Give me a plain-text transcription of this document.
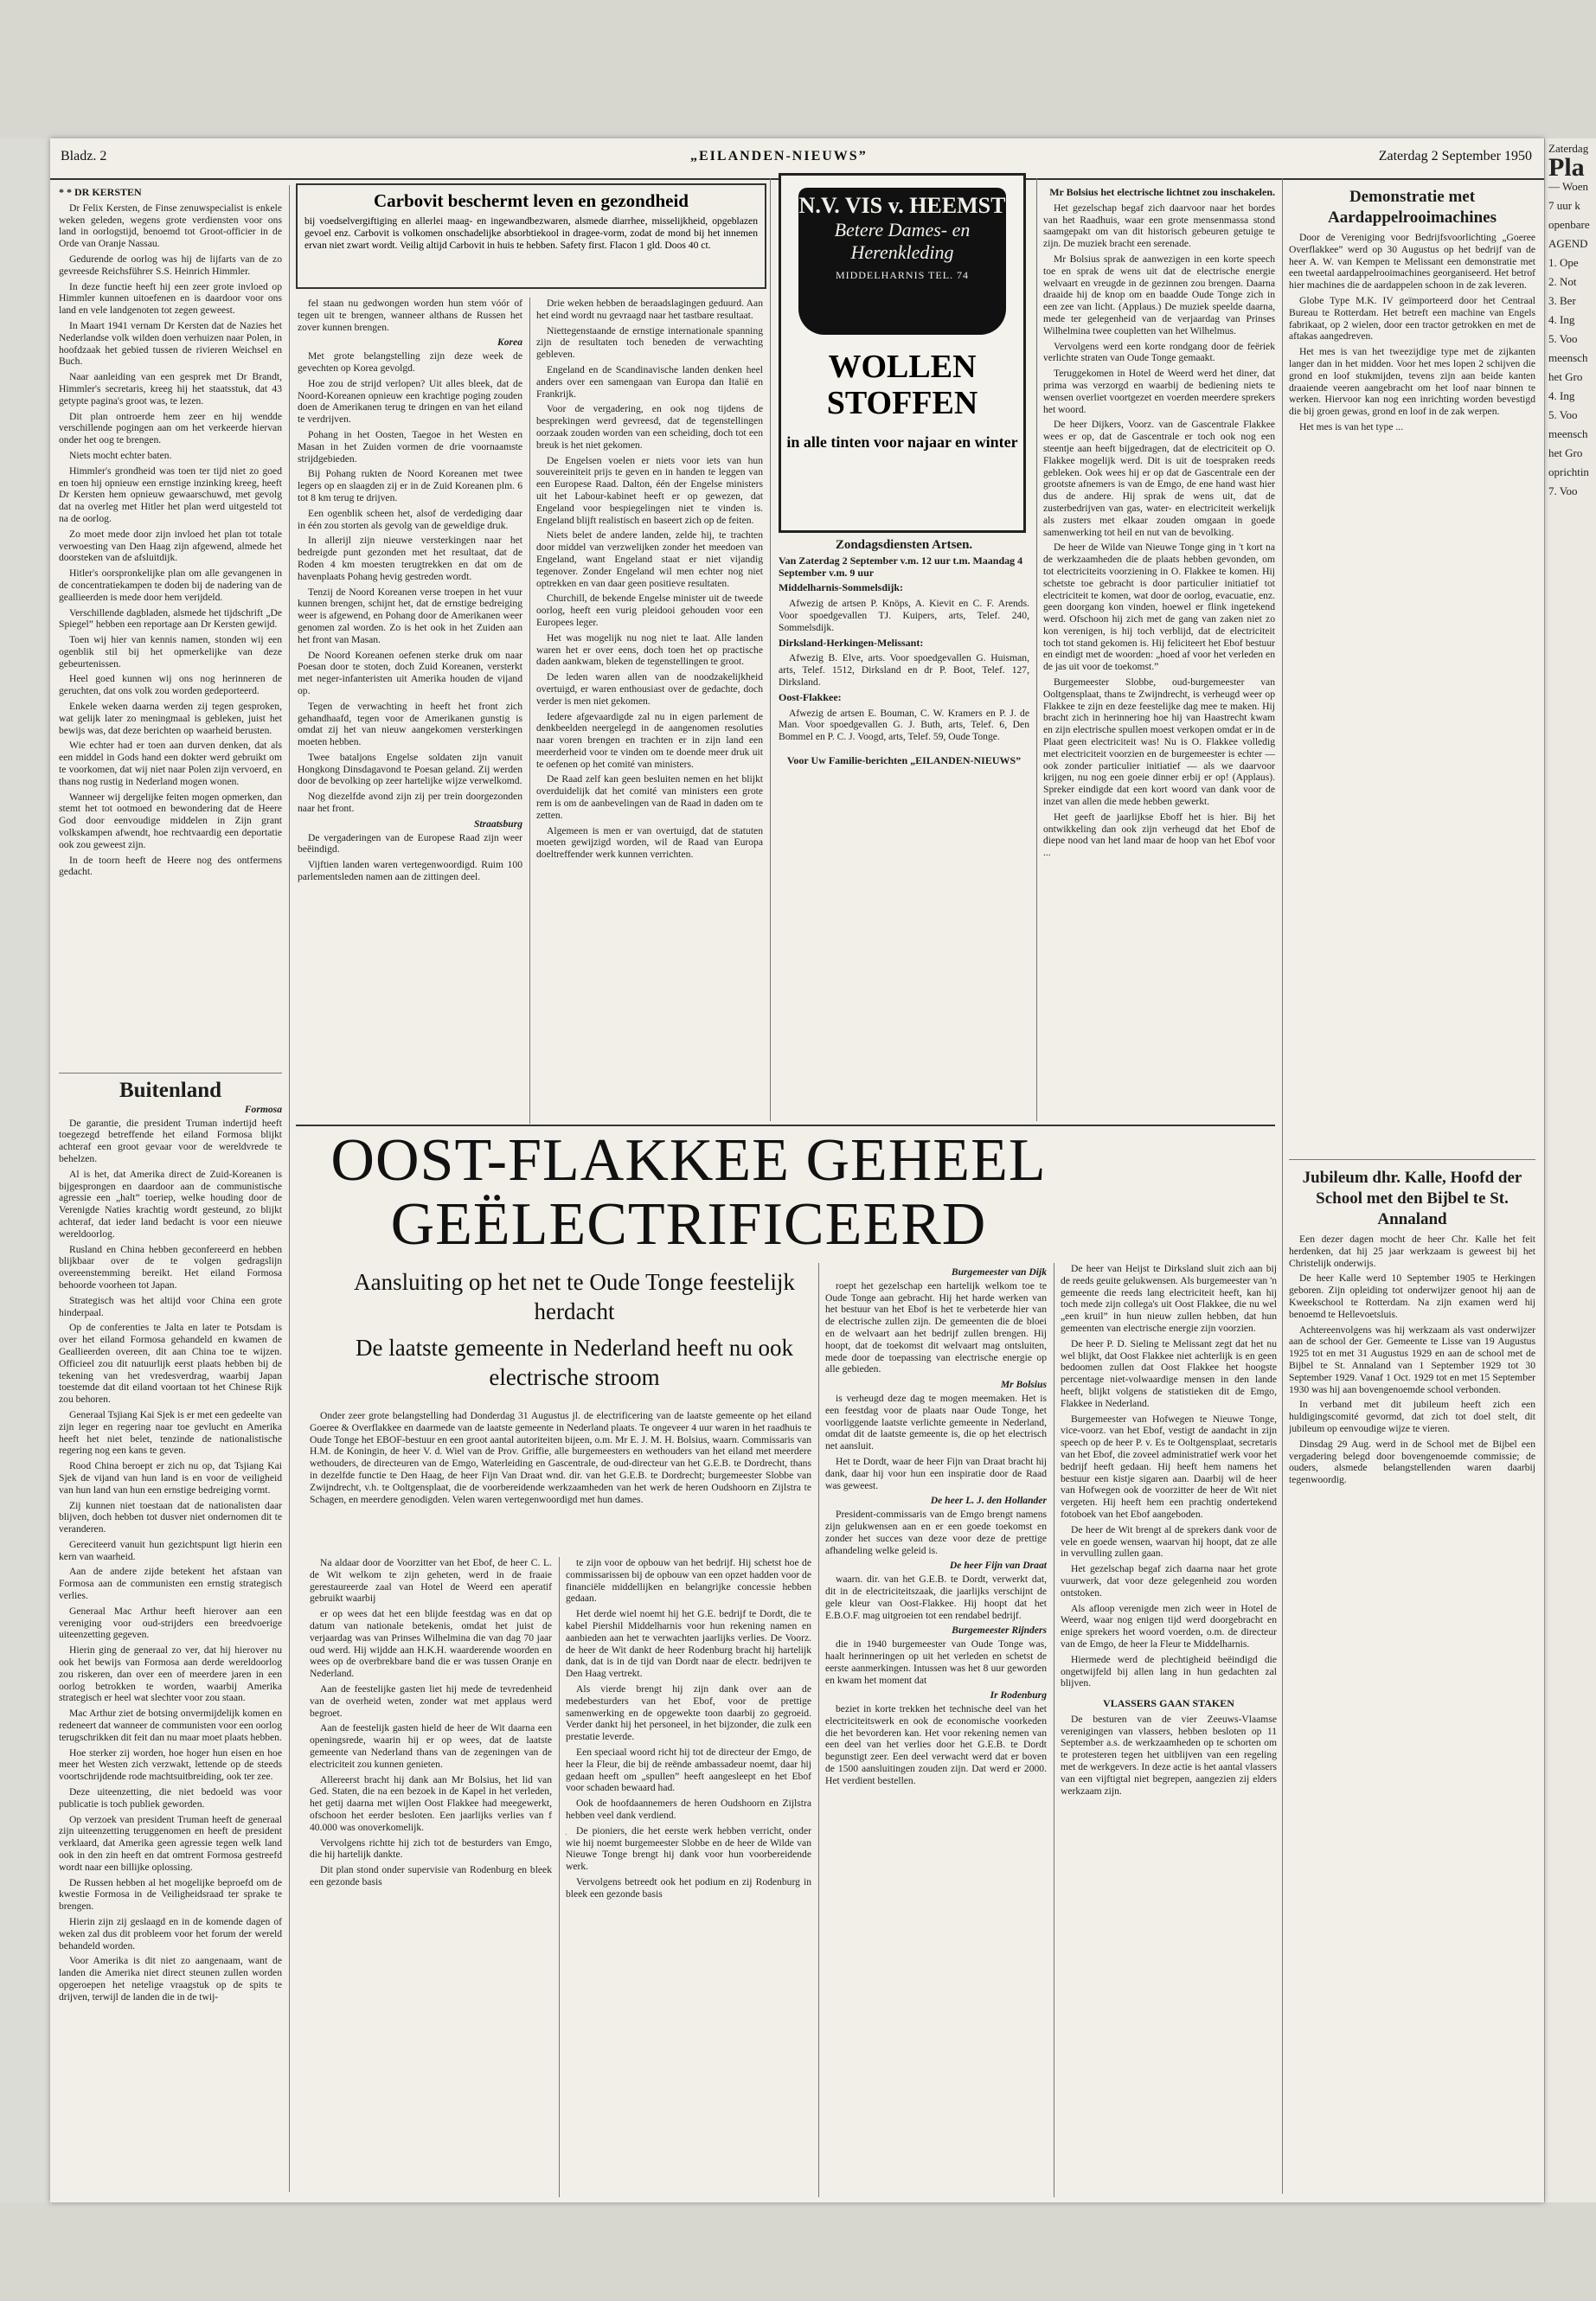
Zaterdag
Pla
— Woen
7 uur k
openbare
AGEND
1. Ope
2. Not
3. Ber
4. Ing
5. Voo
meensch
het Gro
4. Ing
5. Voo
meensch
het Gro
oprichtin
7. Voo
Bladz. 2	„EILANDEN-NIEUWS”	Zaterdag 2 September 1950
* * DR KERSTEN

Dr Felix Kersten, de Finse zenuwspecialist is enkele weken geleden, wegens grote verdiensten voor ons land in oorlogstijd, benoemd tot Groot-officier in de Orde van Oranje Nassau.

Gedurende de oorlog was hij de lijfarts van de zo gevreesde Reichsführer S.S. Heinrich Himmler.

In deze functie heeft hij een zeer grote invloed op Himmler kunnen uitoefenen en is daardoor voor ons land en vele landgenoten tot zegen geweest.

In Maart 1941 vernam Dr Kersten dat de Nazies het Nederlandse volk wilden doen verhuizen naar Polen, in hoofdzaak het gebied tussen de rivieren Weichsel en Buch.

Naar aanleiding van een gesprek met Dr Brandt, Himmler's secretaris, kreeg hij het staatsstuk, dat 43 getypte pagina's groot was, te lezen.

Dit plan ontroerde hem zeer en hij wendde verschillende pogingen aan om het verkeerde hiervan onder het oog te brengen.

Niets mocht echter baten.

Himmler's grondheid was toen ter tijd niet zo goed en toen hij opnieuw een ernstige inzinking kreeg, heeft Dr Kersten hem opnieuw gewaarschuwd, met gevolg dat na overleg met Hitler het plan werd uitgesteld tot na de oorlog.

Zo moet mede door zijn invloed het plan tot totale verwoesting van Den Haag zijn afgewend, almede het doorsteken van de afsluitdijk.

Hitler's oorspronkelijke plan om alle gevangenen in de concentratiekampen te doden bij de nadering van de geallieerden is mede door hem verijdeld.

Verschillende dagbladen, alsmede het tijdschrift „De Spiegel” hebben een reportage aan Dr Kersten gewijd.

Toen wij hier van kennis namen, stonden wij een ogenblik stil bij het opmerkelijke van deze gebeurtenissen.

Heel goed kunnen wij ons nog herinneren de geruchten, dat ons volk zou worden gedeporteerd.

Enkele weken daarna werden zij tegen gesproken, wat gelijk later zo meningmaal is gebleken, juist het bewijs was, dat deze berichten op waarheid berusten.

Wie echter had er toen aan durven denken, dat als een middel in Gods hand een dokter werd gebruikt om te voorkomen, dat wij niet naar Polen zijn vervoerd, en thans nog rustig in Nederland mogen wonen.

Wanneer wij dergelijke feiten mogen opmerken, dan stemt het tot ootmoed en bewondering dat de Heere God door eenvoudige middelen in Zijn grant volkskampen afwendt, hoe rechtvaardig een deportatie ook zou geweest zijn.

In de toorn heeft de Heere nog des ontfermens gedacht.

Buitenland
Formosa

De garantie, die president Truman indertijd heeft toegezegd betreffende het eiland Formosa blijkt achteraf een groot gevaar voor de wereldvrede te behelzen.

Al is het, dat Amerika direct de Zuid-Koreanen is bijgesprongen en daardoor aan de communistische agressie een „halt” toeriep, welke houding door de Verenigde Naties krachtig wordt gesteund, zo blijkt achteraf, dat ieder land bedacht is voor een nieuwe wereldoorlog.

Rusland en China hebben geconfereerd en hebben blijkbaar over de te volgen gedragslijn overeenstemming bereikt. Het eiland Formosa behoorde voorheen tot Japan.

Strategisch was het altijd voor China een grote hinderpaal.

Op de conferenties te Jalta en later te Potsdam is over het eiland Formosa gehandeld en kwamen de Geallieerden overeen, dit aan China toe te wijzen. Officieel zou dit natuurlijk eerst plaats hebben bij de tekening van het vredesverdrag, waarbij Japan toestemde dat dit eiland voortaan tot het Chinese Rijk zou behoren.

Generaal Tsjiang Kai Sjek is er met een gedeelte van zijn leger en regering naar toe gevlucht en Amerika heeft het niet belet, tenzinde de nationalistische regering nog een kans te geven.

Rood China beroept er zich nu op, dat Tsjiang Kai Sjek de vijand van hun land is en voor de veiligheid van hun land van hun een ernstige bedreiging vormt.

Zij kunnen niet toestaan dat de nationalisten daar blijven, doch hebben tot dusver niet ondernomen dit te veranderen.

Gereciteerd vanuit hun gezichtspunt ligt hierin een kern van waarheid.

Aan de andere zijde betekent het afstaan van Formosa aan de communisten een ernstig strategisch verlies.

Generaal Mac Arthur heeft hierover aan een vereniging voor oud-strijders een breedvoerige uiteenzetting gegeven.

Hierin ging de generaal zo ver, dat hij hierover nu ook het bewijs van Formosa aan derde wereldoorlog zou riskeren, dan over een of meerdere jaren in een oorlog betrokken te worden, waarbij Amerika strategisch er heel wat slechter voor zou staan.

Mac Arthur ziet de botsing onvermijdelijk komen en redeneert dat wanneer de communisten voor een oorlog terugschrikken dit feit dan nu maar moet plaats hebben.

Hoe sterker zij worden, hoe hoger hun eisen en hoe meer het Westen zich verzwakt, lettende op de steeds voortschrijdende rode machtsuitbreiding, ook ter zee.

Deze uiteenzetting, die niet bedoeld was voor publicatie is toch publiek geworden.

Op verzoek van president Truman heeft de generaal zijn uiteenzetting teruggenomen en heeft de president verklaard, dat Amerika geen agressie tegen welk land ook in den zin heeft en dat omtrent Formosa gestreefd wordt naar een billijke oplossing.

De Russen hebben al het mogelijke beproefd om de kwestie Formosa in de Veiligheidsraad ter sprake te brengen.

Hierin zijn zij geslaagd en in de komende dagen of weken zal dus dit probleem voor het forum der wereld behandeld worden.

Voor Amerika is dit niet zo aangenaam, want de landen die Amerika niet direct steunen zullen worden opgeroepen het netelige vraagstuk op de spits te drijven, terwijl de landen die in de twij-

Carbovit beschermt leven en gezondheid
bij voedselvergiftiging en allerlei maag- en ingewandbezwaren, alsmede diarrhee, misselijkheid, opgeblazen gevoel enz. Carbovit is volkomen onschadelijke absorbtiekool in dragee-vorm, zodat de mond bij het innemen ervan niet zwart wordt. Veilig altijd Carbovit in huis te hebben. Safety first. Flacon 1 gld. Doos 40 ct.

fel staan nu gedwongen worden hun stem vóór of tegen uit te brengen, wanneer althans de Russen het zover kunnen brengen.

Korea

Met grote belangstelling zijn deze week de gevechten op Korea gevolgd.

Hoe zou de strijd verlopen? Uit alles bleek, dat de Noord-Koreanen opnieuw een krachtige poging zouden doen de Amerikanen terug te dringen en van het eiland te verdrijven.

Pohang in het Oosten, Taegoe in het Westen en Masan in het Zuiden vormen de drie voornaamste strijdgebieden.

Bij Pohang rukten de Noord Koreanen met twee legers op en slaagden zij er in de Zuid Koreanen plm. 6 tot 8 km terug te drijven.

Een ogenblik scheen het, alsof de verdediging daar in één zou storten als gevolg van de geweldige druk.

In allerijl zijn nieuwe versterkingen naar het bedreigde punt gezonden met het resultaat, dat de Roden 4 km moesten terugtrekken en dat om de havenplaats Pohang hevig gestreden wordt.

Tenzij de Noord Koreanen verse troepen in het vuur kunnen brengen, schijnt het, dat de ernstige bedreiging weer is afgewend, en Pohang door de Amerikanen weer genomen zal worden. Zo is het ook in het Zuiden aan het front van Masan.

De Noord Koreanen oefenen sterke druk om naar Poesan door te stoten, doch Zuid Koreanen, versterkt met neger-infanteristen uit Amerika houden de vijand op.

Tegen de verwachting in heeft het front zich gehandhaafd, tegen voor de Amerikanen gunstig is omdat zij het van nieuw aangekomen versterkingen moeten hebben.

Twee bataljons Engelse soldaten zijn vanuit Hongkong Dinsdagavond te Poesan geland. Zij werden door de bevolking op zeer hartelijke wijze verwelkomd.

Nog diezelfde avond zijn zij per trein doorgezonden naar het front.

Straatsburg

De vergaderingen van de Europese Raad zijn weer beëindigd.

Vijftien landen waren vertegenwoordigd. Ruim 100 parlementsleden namen aan de zittingen deel.

Drie weken hebben de beraadslagingen geduurd. Aan het eind wordt nu gevraagd naar het tastbare resultaat.

Niettegenstaande de ernstige internationale spanning zijn de resultaten toch beneden de verwachting gebleven.

Engeland en de Scandinavische landen denken heel anders over een samengaan van Europa dan Italië en Frankrijk.

Voor de vergadering, en ook nog tijdens de besprekingen werd gevreesd, dat de tegenstellingen oorzaak zouden worden van een scheiding, doch tot een breuk is het niet gekomen.

De Engelsen voelen er niets voor iets van hun souvereiniteit prijs te geven en in handen te leggen van een Europese Raad. Dalton, één der Engelse ministers uit het Labour-kabinet heeft er op gewezen, dat Engeland voor bespiegelingen niet te vinden is. Engeland blijft realistisch en baseert zich op de feiten.

Niets belet de andere landen, zelde hij, te trachten door middel van verzwelijken zonder het meedoen van Engeland, want Engeland staat er niet vijandig tegenover. Zonder Engeland wil men echter nog niet optrekken en van daar geen positieve resultaten.

Churchill, de bekende Engelse minister uit de tweede oorlog, heeft een vurig pleidooi gehouden voor een Europees leger.

Het was mogelijk nu nog niet te laat. Alle landen waren het er over eens, doch toen het op practische daden aankwam, bleken de tegenstellingen te groot.

De leden waren allen van de noodzakelijkheid overtuigd, er waren enthousiast over de gedachte, doch verder is men niet gekomen.

Iedere afgevaardigde zal nu in eigen parlement de denkbeelden neergelegd in de aangenomen resoluties naar voren brengen en trachten er in zijn land een meerderheid voor te vinden om te doende meer druk uit te oefenen op het comité van ministers.

De Raad zelf kan geen besluiten nemen en het blijkt overduidelijk dat het comité van ministers een grote rem is om de aanbevelingen van de Raad in daden om te zetten.

Algemeen is men er van overtuigd, dat de statuten moeten gewijzigd worden, wil de Raad van Europa doeltreffender werk kunnen verrichten.

N.V. VIS v. HEEMST
Betere Dames- en Herenkleding
MIDDELHARNIS TEL. 74
WOLLEN STOFFEN
in alle tinten voor najaar en winter
Zondagsdiensten Artsen.
Van Zaterdag 2 September v.m. 12 uur t.m. Maandag 4 September v.m. 9 uur
Middelharnis-Sommelsdijk:

Afwezig de artsen P. Knöps, A. Kievit en C. F. Arends. Voor spoedgevallen TJ. Kuipers, arts, Telef. 240, Sommelsdijk.

Dirksland-Herkingen-Melissant:

Afwezig B. Elve, arts. Voor spoedgevallen G. Huisman, arts, Telef. 1512, Dirksland en dr P. Boot, Telef. 127, Dirksland.

Oost-Flakkee:

Afwezig de artsen E. Bouman, C. W. Kramers en P. J. de Man. Voor spoedgevallen G. J. Buth, arts, Telef. 6, Den Bommel en P. C. J. Voogd, arts, Telef. 59, Oude Tonge.

Voor Uw Familie-berichten „EILANDEN-NIEUWS”
Mr Bolsius het electrische lichtnet zou inschakelen.

Het gezelschap begaf zich daarvoor naar het bordes van het Raadhuis, waar een grote mensenmassa stond saamgepakt om van dit historisch gebeuren getuige te zijn. De muziek bracht een serenade.

Mr Bolsius sprak de aanwezigen in een korte speech toe en sprak de wens uit dat de electrische energie welvaart en vreugde in de gezinnen zou brengen. Daarna draaide hij de knop om en baadde Oude Tonge zich in een zee van licht. (Applaus.) De muziek speelde daarna, mede ter gelegenheid van de verjaardag van Prinses Wilhelmina twee coupletten van het Wilhelmus.

Vervolgens werd een korte rondgang door de feëriek verlichte straten van Oude Tonge gemaakt.

Teruggekomen in Hotel de Weerd werd het diner, dat prima was verzorgd en waarbij de bediening niets te wensen overliet voortgezet en voerden meerdere sprekers het woord.

De heer Dijkers, Voorz. van de Gascentrale Flakkee wees er op, dat de Gascentrale er toch ook nog een steentje aan heeft bijgedragen, dat de electriciteit op O. Flakkee mogelijk werd. Dit is uit de toespraken reeds gebleken. Ook wees hij er op dat de Gascentrale een der grootste afnemers is van de Emgo, de ene hand wast hier dus de andere. Hij sprak de wens uit, dat de zusterbedrijven van gas, water- en electriciteit werkelijk als zusters met elkaar zouden omgaan in goede samenwerking tot heil en nut van de bevolking.

De heer de Wilde van Nieuwe Tonge ging in 't kort na de werkzaamheden die de plaats hebben gevonden, om tot electriciteits voorziening in O. Flakkee te komen. Hij schetste toe gebracht is door particulier initiatief tot electriciteit te komen, wat door de oorlog, evacuatie, enz. geen doorgang kon vinden, hoewel er flink ingetekend werd. Ofschoon hij zich met de gang van zaken niet zo kon verenigen, is hij toch verblijd, dat de electriciteit toch tot stand gekomen is. Hij feliciteert het Ebof bestuur en eindigt met de woorden: „hoed af voor het verleden en de jas uit voor de toekomst.”

Burgemeester Slobbe, oud-burgemeester van Ooltgensplaat, thans te Zwijndrecht, is verheugd weer op Flakkee te zijn en deze feestelijke dag mee te maken. Hij bracht zich in herinnering hoe hij van Haastrecht kwam en zijn electrische spullen moest verkopen omdat er in de Plaat geen electriciteit was! Nu is O. Flakkee volledig met electriciteit voorzien en de burgemeester is echter — ook zonder particulier initiatief — als we daarvoor krijgen, nu nog een goeie dinner erbij er op! (Applaus). Spreker eindigde dat een kort woord van dank voor de inzet van allen die mede hebben gewerkt.

Het geeft de jaarlijkse Eboff het is hier. Bij het ontwikkeling dan ook zijn verheugd dat het Ebof de diepe nood van het land maar de hoop van het Ebof voor ...

Demonstratie met Aardappelrooimachines

Door de Vereniging voor Bedrijfsvoorlichting „Goeree Overflakkee” werd op 30 Augustus op het bedrijf van de heer A. W. van Kempen te Melissant een demonstratie met een tweetal aardappelrooimachines georganiseerd. Het betrof hier machines die de aardappelen schoon in de zak leveren.

Globe Type M.K. IV geïmporteerd door het Centraal Bureau te Rotterdam. Het betreft een machine van Engels fabrikaat, op 2 wielen, door een tractor getrokken en met de aftakas aangedreven.

Het mes is van het tweezijdige type met de zijkanten langer dan in het midden. Voor het mes lopen 2 schijven die grond en loof stukmijden, tevens zijn aan beide kanten draaiende veeren aangebracht om het loof naar binnen te werken. Hiervoor kan nog een inrichting worden bevestigd die bij groen gewas, grond en loof in de zak werpen.

Het mes is van het type ...

Jubileum dhr. Kalle, Hoofd der School met den Bijbel te St. Annaland

Een dezer dagen mocht de heer Chr. Kalle het feit herdenken, dat hij 25 jaar werkzaam is geweest bij het Christelijk onderwijs.

De heer Kalle werd 10 September 1905 te Herkingen geboren. Zijn opleiding tot onderwijzer genoot hij aan de Kweekschool te Rotterdam. Na zijn examen werd hij benoemd te Hellevoetsluis.

Achtereenvolgens was hij werkzaam als vast onderwijzer aan de school der Ger. Gemeente te Lisse van 19 Augustus 1925 tot en met 31 Augustus 1929 en aan de school met de Bijbel te St. Annaland van 1 September 1929 tot 30 September 1929. Vanaf 1 Oct. 1929 tot en met 15 September 1930 was hij aan bovengenoemde school verbonden.

In verband met dit jubileum heeft zich een huldigingscomité gevormd, dat zich tot doel stelt, dit jubileum op eenvoudige wijze te vieren.

Dinsdag 29 Aug. werd in de School met de Bijbel een vergadering belegd door bovengenoemde commissie; de ouders, alsmede belangstellenden waren daarbij tegenwoordig.

OOST-FLAKKEE GEHEEL
GEËLECTRIFICEERD
Aansluiting op het net te Oude Tonge feestelijk herdacht
De laatste gemeente in Nederland heeft nu ook electrische stroom

Onder zeer grote belangstelling had Donderdag 31 Augustus jl. de electrificering van de laatste gemeente op het eiland Goeree & Overflakkee en daarmede van de laatste gemeente in Nederland plaats. Te ongeveer 4 uur waren in het raadhuis te Oude Tonge het EBOF-bestuur en een groot aantal autoriteiten bijeen, o.m. Mr E. J. M. H. Bolsius, waarn. Commissaris van H.M. de Koningin, de heer V. d. Wiel van de Prov. Griffie, alle burgemeesters en wethouders van het eiland met meerdere wethouders, de directeuren van de Emgo, Waterleiding en Gascentrale, de oud-directeur van het G.E.B. te Dordrecht, thans in dezelfde functie te Den Haag, de heer Fijn Van Draat wnd. dir. van het G.E.B. te Dordrecht; burgemeester Slobbe van Zwijndrecht, v.h. te Ooltgensplaat, die de voorbereidende werkzaamheden van het werk de heren Oudshoorn en Zijlstra te Schagen, en meerdere genodigden. Velen waren vertegenwoordigd met hun dames.

Na aldaar door de Voorzitter van het Ebof, de heer C. L. de Wit welkom te zijn geheten, werd in de fraaie gerestaureerde zaal van Hotel de Weerd een aperatif gebruikt waarbij

er op wees dat het een blijde feestdag was en dat op datum van nationale betekenis, omdat het juist de verjaardag was van Prinses Wilhelmina die van dag 70 jaar oud werd. Hij wijdde aan H.K.H. waarderende woorden en wees op de overbrekbare band die er was tussen Oranje en Nederland.

Aan de feestelijke gasten liet hij mede de tevredenheid van de overheid weten, zonder wat met applaus werd begroet.

Aan de feestelijk gasten hield de heer de Wit daarna een openingsrede, waarin hij er op wees, dat de laatste gemeente van Nederland thans van de zegeningen van de electriciteit zou kunnen genieten.

Allereerst bracht hij dank aan Mr Bolsius, het lid van Ged. Staten, die na een bezoek in de Kapel in het verleden, het getij daarna met wijlen Oost Flakkee had meegewerkt, ofschoon het eerder besloten. Een jaarlijks verlies van f 40.000 was onoverkomelijk.

Vervolgens richtte hij zich tot de besturders van Emgo, die hij hartelijk dankte.

Dit plan stond onder supervisie van Rodenburg en bleek een gezonde basis

te zijn voor de opbouw van het bedrijf. Hij schetst hoe de commissarissen bij de opbouw van een opzet hadden voor de financiële middellijken en belangrijke concessie hebben gedaan.

Het derde wiel noemt hij het G.E. bedrijf te Dordt, die te kabel Piershil Middelharnis voor hun rekening namen en aanbieden aan het te verwachten jaarlijks verlies. De Voorz. de heer de Wit dankt de heer Rodenburg bracht hij hartelijk dank, dat is in de tijd van Dordt naar de electr. bedrijven te Den Haag vertrekt.

Als vierde brengt hij zijn dank over aan de medebesturders van het Ebof, voor de prettige samenwerking en de opgewekte toon daarbij zo gegroeid. Verder dankt hij het personeel, in het bijzonder, die zulk een prestatie leverde.

Een speciaal woord richt hij tot de directeur der Emgo, de heer la Fleur, die bij de reënde ambassadeur noemt, daar hij gedaan heeft om „spullen” heeft aangesleept en het Ebof voor schaden bewaard had.

Ook de hoofdaannemers de heren Oudshoorn en Zijlstra hebben veel dank verdiend.

De pioniers, die het eerste werk hebben verricht, onder wie hij noemt burgemeester Slobbe en de heer de Wilde van Nieuwe Tonge brengt hij dank voor hun voorbereidende werk.

Vervolgens betreedt ook het podium en zij Rodenburg in bleek een gezonde basis

Burgemeester van Dijk

roept het gezelschap een hartelijk welkom toe te Oude Tonge aan gebracht. Hij het harde werken van het bestuur van het Ebof is het te verbeterde hier van de electrische zullen zijn. De gemeenten die de bloei en de welvaart aan het bedrijf zullen brengen. Hij hoopt, dat de toekomst dit welvaart mag ontsluiten, mede door de toepassing van electrische energie op alle gebieden.

Mr Bolsius

is verheugd deze dag te mogen meemaken. Het is een feestdag voor de plaats naar Oude Tonge, het voorliggende laatste verlichte gemeente in Nederland, omdat dit de laatste gemeente is, die op het electrisch net aansluit.

Het te Dordt, waar de heer Fijn van Draat bracht hij dank, daar hij voor hun een inspiratie door de Raad was geweest.

De heer L. J. den Hollander

President-commissaris van de Emgo brengt namens zijn gelukwensen aan en er een goede toekomst en zonder het succes van deze voor deze de prettige afhandeling welke geleid is.

De heer Fijn van Draat

waarn. dir. van het G.E.B. te Dordt, verwerkt dat, dit in de electriciteitszaak, die jaarlijks verschijnt de gele kleur van Oost-Flakkee. Hij hoopt dat het E.B.O.F. mag uitgroeien tot een rendabel bedrijf.

Burgemeester Rijnders

die in 1940 burgemeester van Oude Tonge was, haalt herinneringen op uit het verleden en schetst de eerste aanmerkingen. Intussen was het 8 uur geworden en kwam het moment dat

Ir Rodenburg

beziet in korte trekken het technische deel van het electriciteitswerk en ook de economische voorkeden die het bevorderen kan. Het voor rekening nemen van een deel van het verlies door het G.E.B. te Dordt begunstigt zeer. Een deel verwacht werd dat er boven de 1500 aansluitingen zouden zijn. Dat werd er 2000. Het verdient bestellen.

De heer van Heijst te Dirksland sluit zich aan bij de reeds geuite gelukwensen. Als burgemeester van 'n gemeente die reeds lang electriciteit heeft, kan hij toch mede zijn collega's uit Oost Flakkee, die nu wel „een kruil” in hun nieuw zullen hebben, dat hun gemeenten van electrische energie zijn voorzien.

De heer P. D. Sieling te Melissant zegt dat het nu wel blijkt, dat Oost Flakkee niet achterlijk is en geen bedoomen zullen dat Oost Flakkee het hoogste percentage niet-volwaardige mensen in den lande heeft, blijkt volgens de statistieken dit de Emgo, Flakkee in Nederland.

Burgemeester van Hofwegen te Nieuwe Tonge, vice-voorz. van het Ebof, vestigt de aandacht in zijn speech op de heer P. v. Es te Ooltgensplaat, secretaris van het Ebof, die zoveel administratief werk voor het bedrijf heeft gedaan. Hij heeft hem namens het bestuur een kistje sigaren aan. Daarbij wil de heer van Hofwegen ook de voorzitter de heer de Wit niet vergeten. Hij heeft hem een prachtig ondertekend fotoboek van het Ebof aangeboden.

De heer de Wit brengt al de sprekers dank voor de vele en goede wensen, waarvan hij hoopt, dat ze alle in vervulling zullen gaan.

Het gezelschap begaf zich daarna naar het grote vuurwerk, dat voor deze gelegenheid zou worden ontstoken.

Als afloop verenigde men zich weer in Hotel de Weerd, waar nog enigen tijd werd doorgebracht en enige sprekers het woord voerden, o.m. de directeur van de Emgo, de heer la Fleur te Middelharnis.

Hiermede werd de plechtigheid beëindigd die ongetwijfeld bij allen lang in hun gedachten zal blijven.

VLASSERS GAAN STAKEN

De besturen van de vier Zeeuws-Vlaamse verenigingen van vlassers, hebben besloten op 11 September a.s. de werkzaamheden op te schorten om te protesteren tegen het uitblijven van een regeling met de werkgevers. In deze actie is het aantal vlassers van een vijftigtal niet begrepen, aangezien zij elders werkzaam zijn.
